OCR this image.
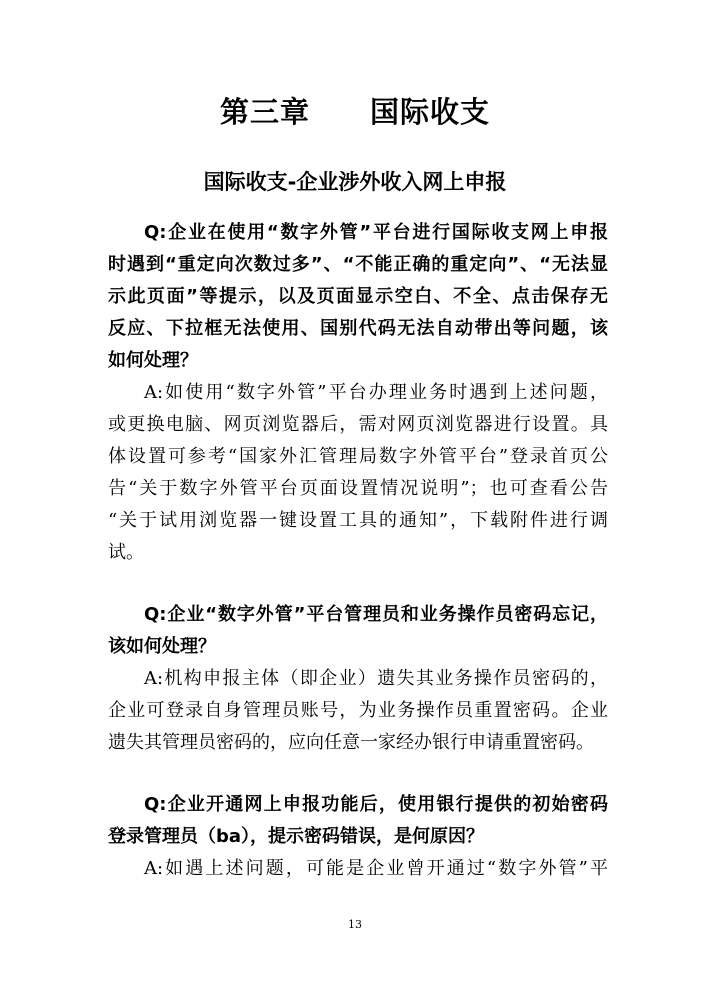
第三章　　国际收支
国际收支-企业涉外收入网上申报
Q:企业在使用“数字外管”平台进行国际收支网上申报
时遇到“重定向次数过多”、“不能正确的重定向”、“无法显
示此页面”等提示，以及页面显示空白、不全、点击保存无
反应、下拉框无法使用、国别代码无法自动带出等问题，该
如何处理？
A:如使用“数字外管”平台办理业务时遇到上述问题，
或更换电脑、网页浏览器后，需对网页浏览器进行设置。具
体设置可参考“国家外汇管理局数字外管平台”登录首页公
告“关于数字外管平台页面设置情况说明”；也可查看公告
“关于试用浏览器一键设置工具的通知”，下载附件进行调
试。
Q:企业“数字外管”平台管理员和业务操作员密码忘记，
该如何处理？
A:机构申报主体（即企业）遗失其业务操作员密码的，
企业可登录自身管理员账号，为业务操作员重置密码。企业
遗失其管理员密码的，应向任意一家经办银行申请重置密码。
Q:企业开通网上申报功能后，使用银行提供的初始密码
登录管理员（ba），提示密码错误，是何原因？
A:如遇上述问题，可能是企业曾开通过“数字外管”平
13
